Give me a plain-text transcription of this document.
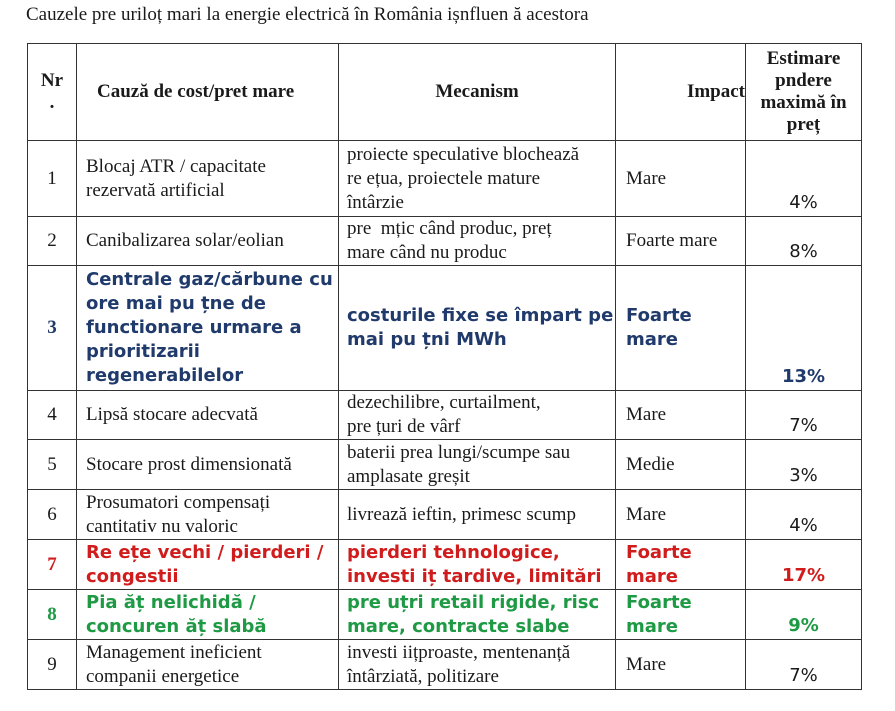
Cauzele pre uriloț mari la energie electrică în România ișnfluen ă acestora
Nr
.	Cauză de cost/pret mare	Mecanism	Impact	Estimare
pndere
maximă în
preț
1	Blocaj ATR / capacitate
rezervată artificial	proiecte speculative blochează
re ețua, proiectele mature
întârzie	Mare	4%
2	Canibalizarea solar/eolian	pre  mțic când produc, preț
mare când nu produc	Foarte mare	8%
3	Centrale gaz/cărbune cu
ore mai pu țne de
functionare urmare a
prioritizarii
regenerabilelor	costurile fixe se împart pe
mai pu țni MWh	Foarte
mare	13%
4	Lipsă stocare adecvată	dezechilibre, curtailment,
pre țuri de vârf	Mare	7%
5	Stocare prost dimensionată	baterii prea lungi/scumpe sau
amplasate greșit	Medie	3%
6	Prosumatori compensați
cantitativ nu valoric	livrează ieftin, primesc scump	Mare	4%
7	Re ețe vechi / pierderi /
congestii	pierderi tehnologice,
investi iț tardive, limitări	Foarte
mare	17%
8	Pia ăț nelichidă /
concuren ăț slabă	pre uțri retail rigide, risc
mare, contracte slabe	Foarte
mare	9%
9	Management ineficient
companii energetice	investi iițproaste, mentenanță
întârziată, politizare	Mare	7%
